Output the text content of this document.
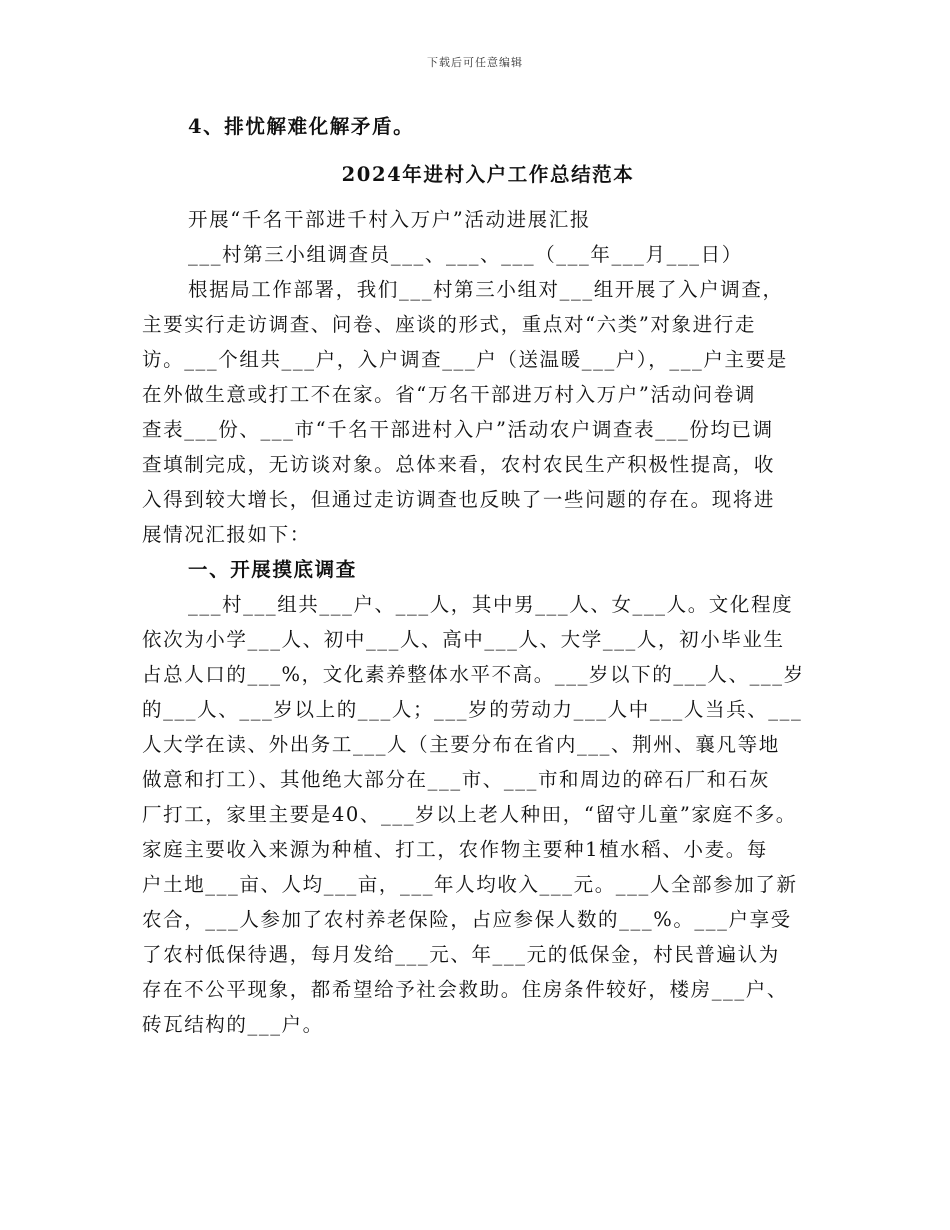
下载后可任意编辑
4、排忧解难化解矛盾。
2024年进村入户工作总结范本
开展“千名干部进千村入万户”活动进展汇报
___村第三小组调查员___、___、___（___年___月___日）
根据局工作部署，我们___村第三小组对___组开展了入户调查，
主要实行走访调查、问卷、座谈的形式，重点对“六类”对象进行走
访。___个组共___户，入户调查___户（送温暖___户），___户主要是
在外做生意或打工不在家。省“万名干部进万村入万户”活动问卷调
查表___份、___市“千名干部进村入户”活动农户调查表___份均已调
查填制完成，无访谈对象。总体来看，农村农民生产积极性提高，收
入得到较大增长，但通过走访调查也反映了一些问题的存在。现将进
展情况汇报如下：
一、开展摸底调查
___村___组共___户、___人，其中男___人、女___人。文化程度
依次为小学___人、初中___人、高中___人、大学___人，初小毕业生
占总人口的___%，文化素养整体水平不高。___岁以下的___人、___岁
的___人、___岁以上的___人；___岁的劳动力___人中___人当兵、___
人大学在读、外出务工___人（主要分布在省内___、荆州、襄凡等地
做意和打工）、其他绝大部分在___市、___市和周边的碎石厂和石灰
厂打工，家里主要是40、___岁以上老人种田，“留守儿童”家庭不多。
家庭主要收入来源为种植、打工，农作物主要种1植水稻、小麦。每
户土地___亩、人均___亩，___年人均收入___元。___人全部参加了新
农合，___人参加了农村养老保险，占应参保人数的___%。___户享受
了农村低保待遇，每月发给___元、年___元的低保金，村民普遍认为
存在不公平现象，都希望给予社会救助。住房条件较好，楼房___户、
砖瓦结构的___户。
